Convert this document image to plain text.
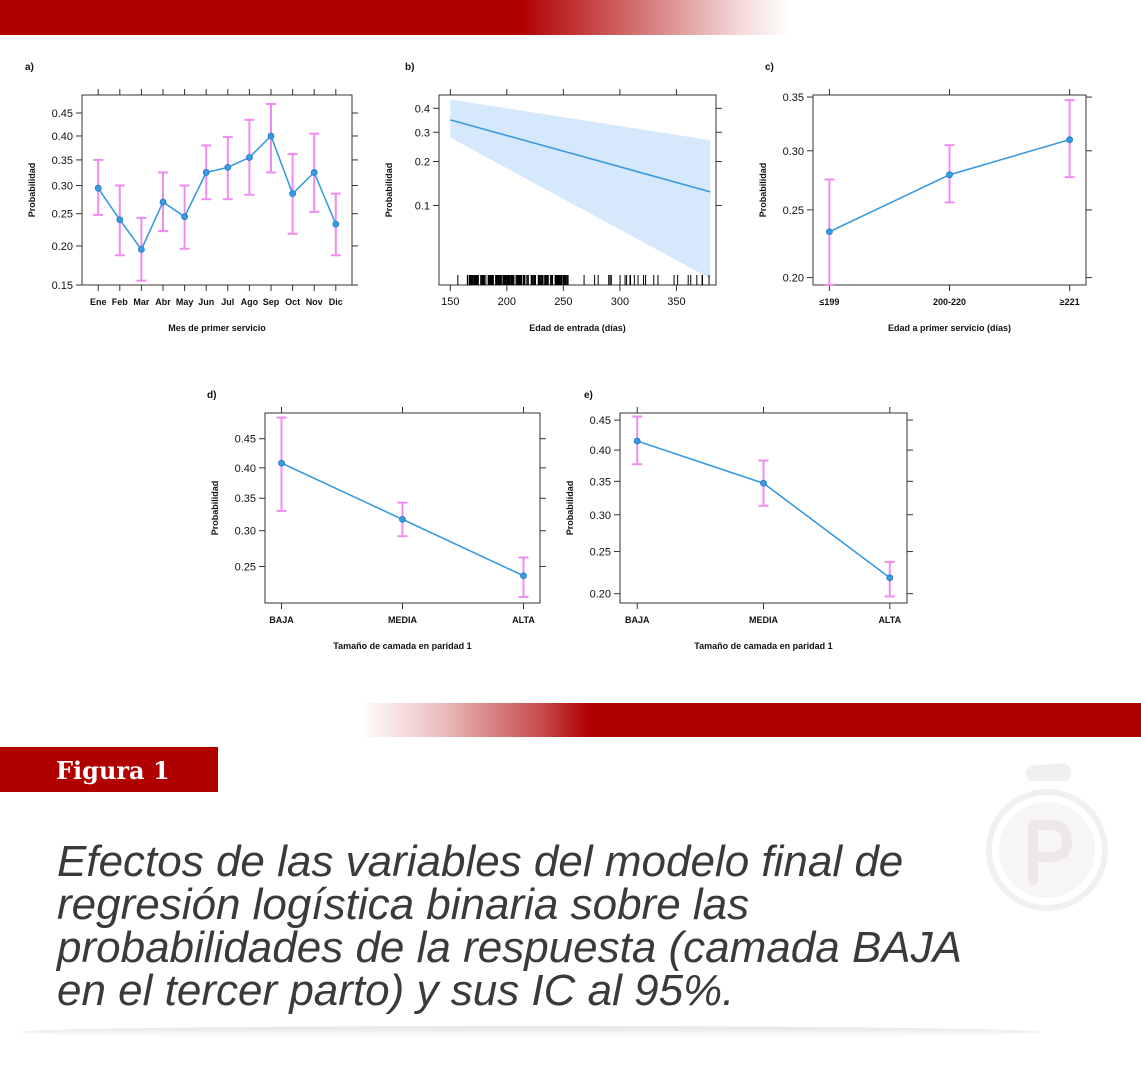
a)
0.15
0.20
0.25
0.30
0.35
0.40
0.45
Ene Feb Mar Abr May Jun Jul Ago Sep Oct Nov Dic
Mes de primer servicio
Probabilidad
b)
0.1
0.2
0.3
0.4
150	200	250	300	350
Edad de entrada (días)
Probabilidad
c)
0.20
0.25
0.30
0.35
≤199	200-220	≥221
Edad a primer servicio (días)
Probabilidad
d)
0.25
0.30
0.35
0.40
0.45
BAJA	MEDIA	ALTA
Tamaño de camada en paridad 1
Probabilidad
e)
0.20
0.25
0.30
0.35
0.40
0.45
BAJA	MEDIA	ALTA
Tamaño de camada en paridad 1
Probabilidad
Figura 1

Efectos de las variables del modelo final de
regresión logística binaria sobre las
probabilidades de la respuesta (camada BAJA
en el tercer parto) y sus IC al 95%.
